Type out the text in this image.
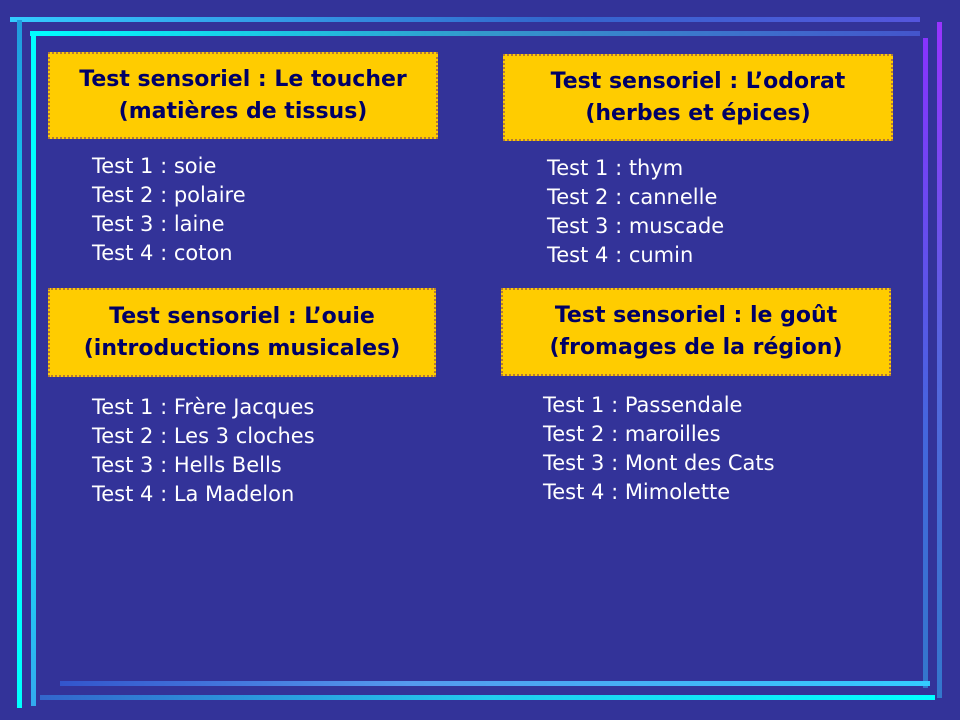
Test sensoriel : Le toucher
(matières de tissus)
Test 1 : soie
Test 2 : polaire
Test 3 : laine
Test 4 : coton
Test sensoriel : L’odorat
(herbes et épices)
Test 1 : thym
Test 2 : cannelle
Test 3 : muscade
Test 4 : cumin
Test sensoriel : L’ouie
(introductions musicales)
Test 1 : Frère Jacques
Test 2 : Les 3 cloches
Test 3 : Hells Bells
Test 4 : La Madelon
Test sensoriel : le goût
(fromages de la région)
Test 1 : Passendale
Test 2 : maroilles
Test 3 : Mont des Cats
Test 4 : Mimolette
